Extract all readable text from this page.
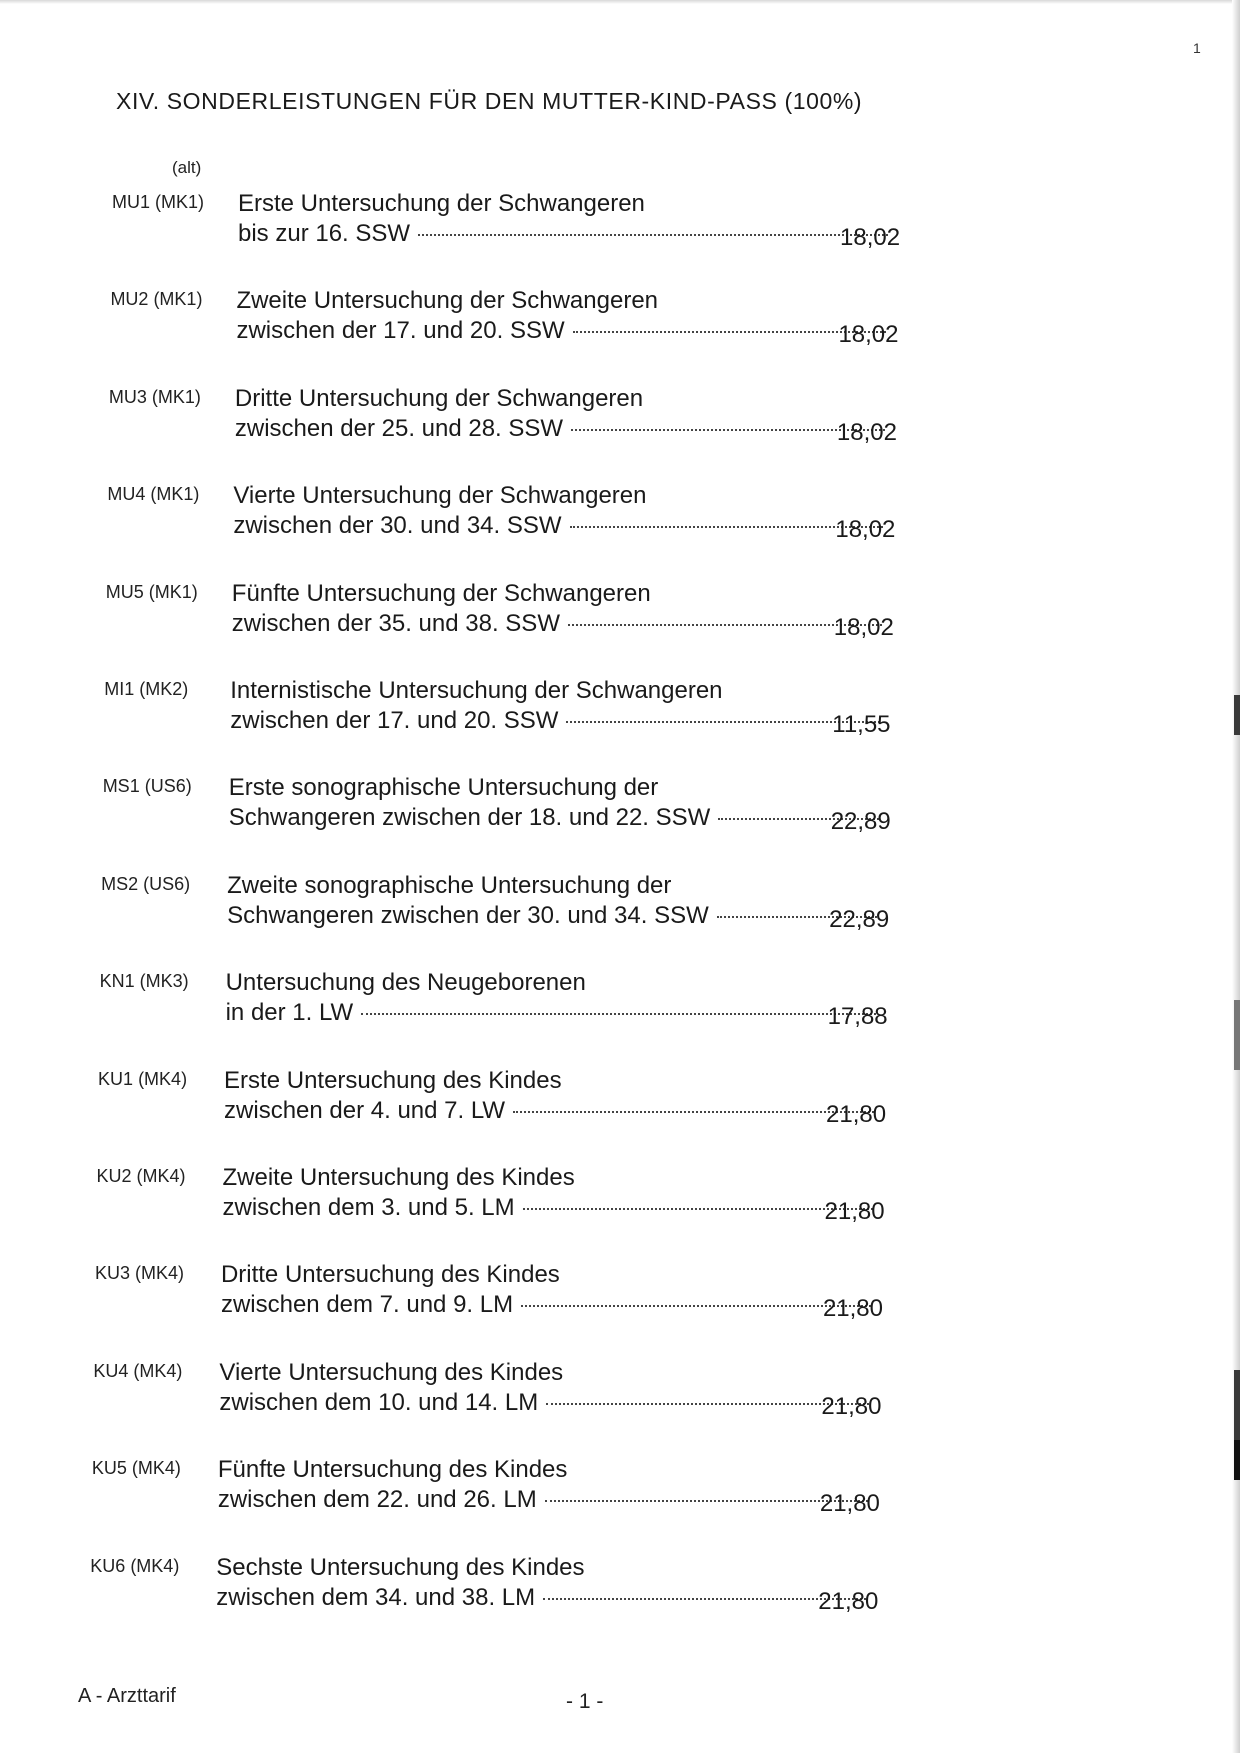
1
XIV. SONDERLEISTUNGEN FÜR DEN MUTTER-KIND-PASS (100%)
(alt)
MU1 (MK1) Erste Untersuchung der Schwangeren
bis zur 16. SSW	18,02
MU2 (MK1) Zweite Untersuchung der Schwangeren
zwischen der 17. und 20. SSW	18,02
MU3 (MK1) Dritte Untersuchung der Schwangeren
zwischen der 25. und 28. SSW	18,02
MU4 (MK1) Vierte Untersuchung der Schwangeren
zwischen der 30. und 34. SSW	18,02
MU5 (MK1) Fünfte Untersuchung der Schwangeren
zwischen der 35. und 38. SSW	18,02
MI1 (MK2) Internistische Untersuchung der Schwangeren
zwischen der 17. und 20. SSW	11,55
MS1 (US6) Erste sonographische Untersuchung der
Schwangeren zwischen der 18. und 22. SSW	22,89
MS2 (US6) Zweite sonographische Untersuchung der
Schwangeren zwischen der 30. und 34. SSW	22,89
KN1 (MK3) Untersuchung des Neugeborenen
in der 1. LW	17,88
KU1 (MK4) Erste Untersuchung des Kindes
zwischen der 4. und 7. LW	21,80
KU2 (MK4) Zweite Untersuchung des Kindes
zwischen dem 3. und 5. LM	21,80
KU3 (MK4) Dritte Untersuchung des Kindes
zwischen dem 7. und 9. LM	21,80
KU4 (MK4) Vierte Untersuchung des Kindes
zwischen dem 10. und 14. LM	21,80
KU5 (MK4) Fünfte Untersuchung des Kindes
zwischen dem 22. und 26. LM	21,80
KU6 (MK4) Sechste Untersuchung des Kindes
zwischen dem 34. und 38. LM	21,80
A - Arzttarif	- 1 -
